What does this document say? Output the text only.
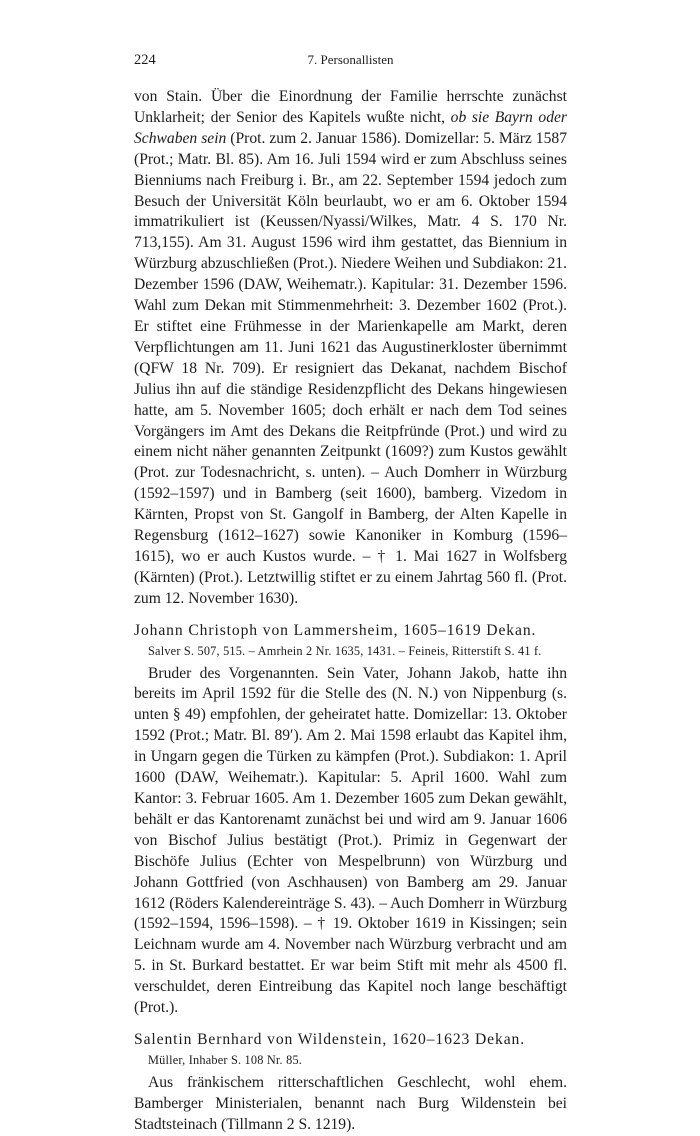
224	7. Personallisten

von Stain. Über die Einordnung der Familie herrschte zunächst Unklarheit; der Senior des Kapitels wußte nicht, ob sie Bayrn oder Schwaben sein (Prot. zum 2. Januar 1586). Domizellar: 5. März 1587 (Prot.; Matr. Bl. 85). Am 16. Juli 1594 wird er zum Abschluss seines Bienniums nach Freiburg i. Br., am 22. September 1594 jedoch zum Besuch der Universität Köln beurlaubt, wo er am 6. Oktober 1594 immatrikuliert ist (Keussen/Nyassi/Wilkes, Matr. 4 S. 170 Nr. 713,155). Am 31. August 1596 wird ihm gestattet, das Biennium in Würzburg abzuschließen (Prot.). Niedere Weihen und Subdiakon: 21. Dezember 1596 (DAW, Weihematr.). Kapitular: 31. Dezember 1596. Wahl zum Dekan mit Stimmenmehrheit: 3. Dezember 1602 (Prot.). Er stiftet eine Frühmesse in der Marienkapelle am Markt, deren Verpflichtungen am 11. Juni 1621 das Augustinerkloster übernimmt (QFW 18 Nr. 709). Er resigniert das Dekanat, nachdem Bischof Julius ihn auf die ständige Residenzpflicht des Dekans hingewiesen hatte, am 5. November 1605; doch erhält er nach dem Tod seines Vorgängers im Amt des Dekans die Reitpfründe (Prot.) und wird zu einem nicht näher genannten Zeitpunkt (1609?) zum Kustos gewählt (Prot. zur Todesnachricht, s. unten). – Auch Domherr in Würzburg (1592–1597) und in Bamberg (seit 1600), bamberg. Vizedom in Kärnten, Propst von St. Gangolf in Bamberg, der Alten Kapelle in Regensburg (1612–1627) sowie Kanoniker in Komburg (1596–1615), wo er auch Kustos wurde. – † 1. Mai 1627 in Wolfsberg (Kärnten) (Prot.). Letztwillig stiftet er zu einem Jahrtag 560 fl. (Prot. zum 12. November 1630).

Johann Christoph von Lammersheim, 1605–1619 Dekan.
Salver S. 507, 515. – Amrhein 2 Nr. 1635, 1431. – Feineis, Ritterstift S. 41 f.

Bruder des Vorgenannten. Sein Vater, Johann Jakob, hatte ihn bereits im April 1592 für die Stelle des (N. N.) von Nippenburg (s. unten § 49) empfohlen, der geheiratet hatte. Domizellar: 13. Oktober 1592 (Prot.; Matr. Bl. 89′). Am 2. Mai 1598 erlaubt das Kapitel ihm, in Ungarn gegen die Türken zu kämpfen (Prot.). Subdiakon: 1. April 1600 (DAW, Weihematr.). Kapitular: 5. April 1600. Wahl zum Kantor: 3. Februar 1605. Am 1. Dezember 1605 zum Dekan gewählt, behält er das Kantorenamt zunächst bei und wird am 9. Januar 1606 von Bischof Julius bestätigt (Prot.). Primiz in Gegenwart der Bischöfe Julius (Echter von Mespelbrunn) von Würzburg und Johann Gottfried (von Aschhausen) von Bamberg am 29. Januar 1612 (Röders Kalendereinträge S. 43). – Auch Domherr in Würzburg (1592–1594, 1596–1598). – † 19. Oktober 1619 in Kissingen; sein Leichnam wurde am 4. November nach Würzburg verbracht und am 5. in St. Burkard bestattet. Er war beim Stift mit mehr als 4500 fl. verschuldet, deren Eintreibung das Kapitel noch lange beschäftigt (Prot.).

Salentin Bernhard von Wildenstein, 1620–1623 Dekan.
Müller, Inhaber S. 108 Nr. 85.

Aus fränkischem ritterschaftlichen Geschlecht, wohl ehem. Bamberger Ministerialen, benannt nach Burg Wildenstein bei Stadtsteinach (Tillmann 2 S. 1219).
